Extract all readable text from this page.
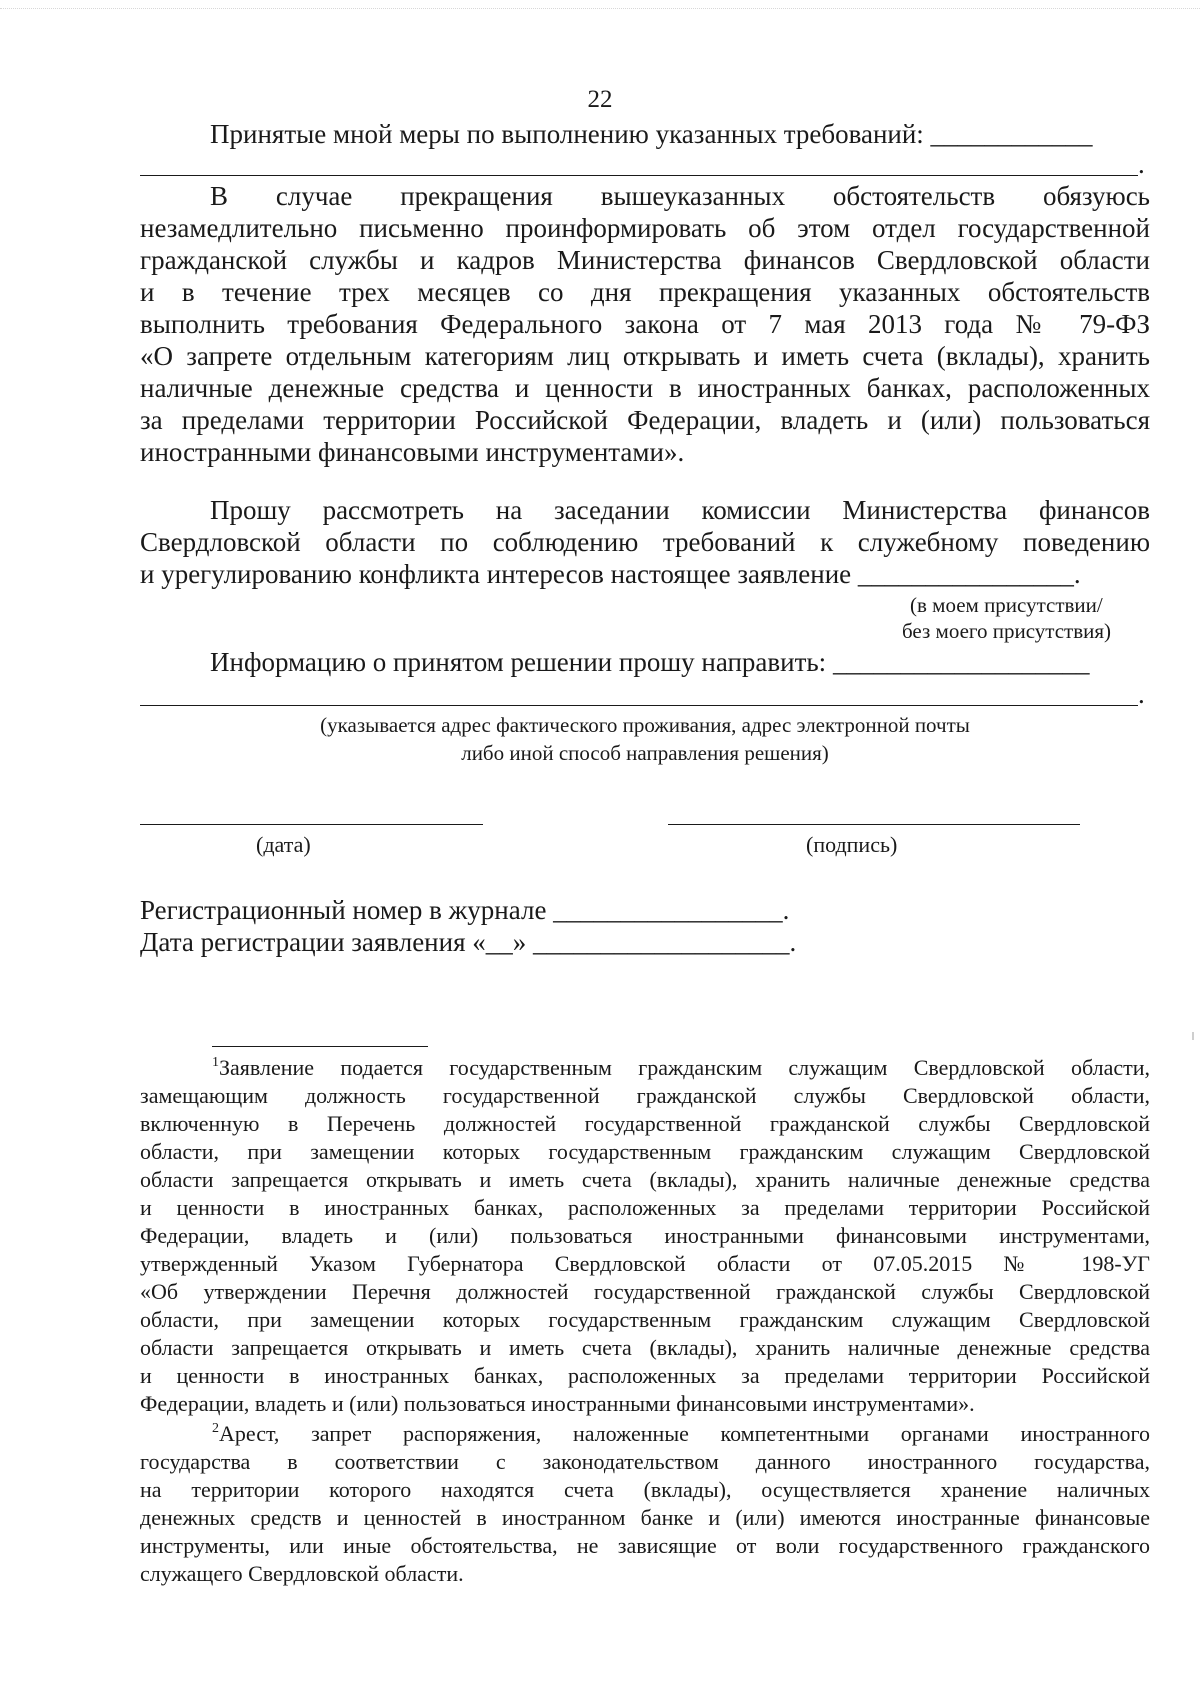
22
Принятые мной меры по выполнению указанных требований: ____________
.
В случае прекращения вышеуказанных обстоятельств обязуюсь
незамедлительно письменно проинформировать об этом отдел государственной
гражданской службы и кадров Министерства финансов Свердловской области
и в течение трех месяцев со дня прекращения указанных обстоятельств
выполнить требования Федерального закона от 7 мая 2013 года № 79-ФЗ
«О запрете отдельным категориям лиц открывать и иметь счета (вклады), хранить
наличные денежные средства и ценности в иностранных банках, расположенных
за пределами территории Российской Федерации, владеть и (или) пользоваться
иностранными финансовыми инструментами».
Прошу рассмотреть на заседании комиссии Министерства финансов
Свердловской области по соблюдению требований к служебному поведению
и урегулированию конфликта интересов настоящее заявление ________________.
(в моем присутствии/
без моего присутствия)
Информацию о принятом решении прошу направить: ___________________
.
(указывается адрес фактического проживания, адрес электронной почты
либо иной способ направления решения)
(дата)	(подпись)
Регистрационный номер в журнале _________________.
Дата регистрации заявления «__» ___________________.
$^1$Заявление подается государственным гражданским служащим Свердловской области,
замещающим должность государственной гражданской службы Свердловской области,
включенную в Перечень должностей государственной гражданской службы Свердловской
области, при замещении которых государственным гражданским служащим Свердловской
области запрещается открывать и иметь счета (вклады), хранить наличные денежные средства
и ценности в иностранных банках, расположенных за пределами территории Российской
Федерации, владеть и (или) пользоваться иностранными финансовыми инструментами,
утвержденный Указом Губернатора Свердловской области от 07.05.2015 № 198-УГ
«Об утверждении Перечня должностей государственной гражданской службы Свердловской
области, при замещении которых государственным гражданским служащим Свердловской
области запрещается открывать и иметь счета (вклады), хранить наличные денежные средства
и ценности в иностранных банках, расположенных за пределами территории Российской
Федерации, владеть и (или) пользоваться иностранными финансовыми инструментами».
$^2$Арест, запрет распоряжения, наложенные компетентными органами иностранного
государства в соответствии с законодательством данного иностранного государства,
на территории которого находятся счета (вклады), осуществляется хранение наличных
денежных средств и ценностей в иностранном банке и (или) имеются иностранные финансовые
инструменты, или иные обстоятельства, не зависящие от воли государственного гражданского
служащего Свердловской области.
